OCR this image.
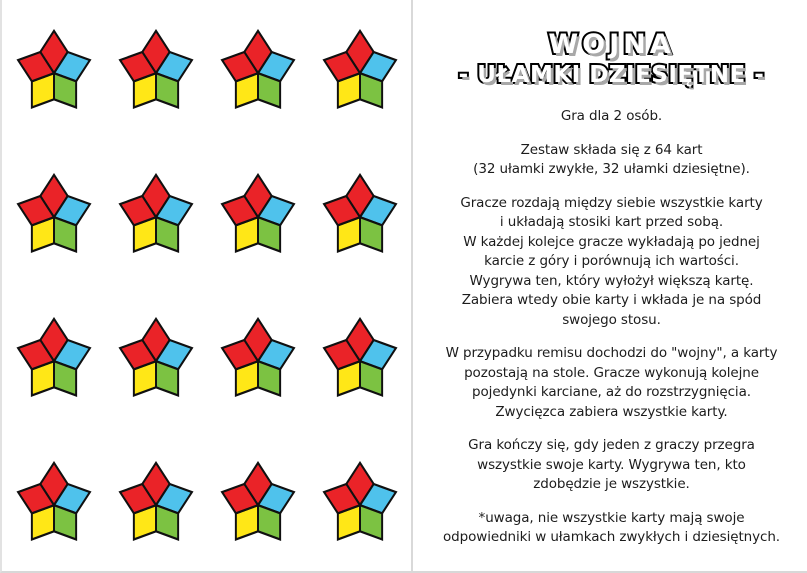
WOJNA
- UŁAMKI DZIESIĘTNE -

Gra dla 2 osób.

Zestaw składa się z 64 kart
(32 ułamki zwykłe, 32 ułamki dziesiętne).

Gracze rozdają między siebie wszystkie karty
i układają stosiki kart przed sobą.
W każdej kolejce gracze wykładają po jednej
karcie z góry i porównują ich wartości.
Wygrywa ten, który wyłożył większą kartę.
Zabiera wtedy obie karty i wkłada je na spód
swojego stosu.

W przypadku remisu dochodzi do "wojny", a karty
pozostają na stole. Gracze wykonują kolejne
pojedynki karciane, aż do rozstrzygnięcia.
Zwycięzca zabiera wszystkie karty.

Gra kończy się, gdy jeden z graczy przegra
wszystkie swoje karty. Wygrywa ten, kto
zdobędzie je wszystkie.

*uwaga, nie wszystkie karty mają swoje
odpowiedniki w ułamkach zwykłych i dziesiętnych.
